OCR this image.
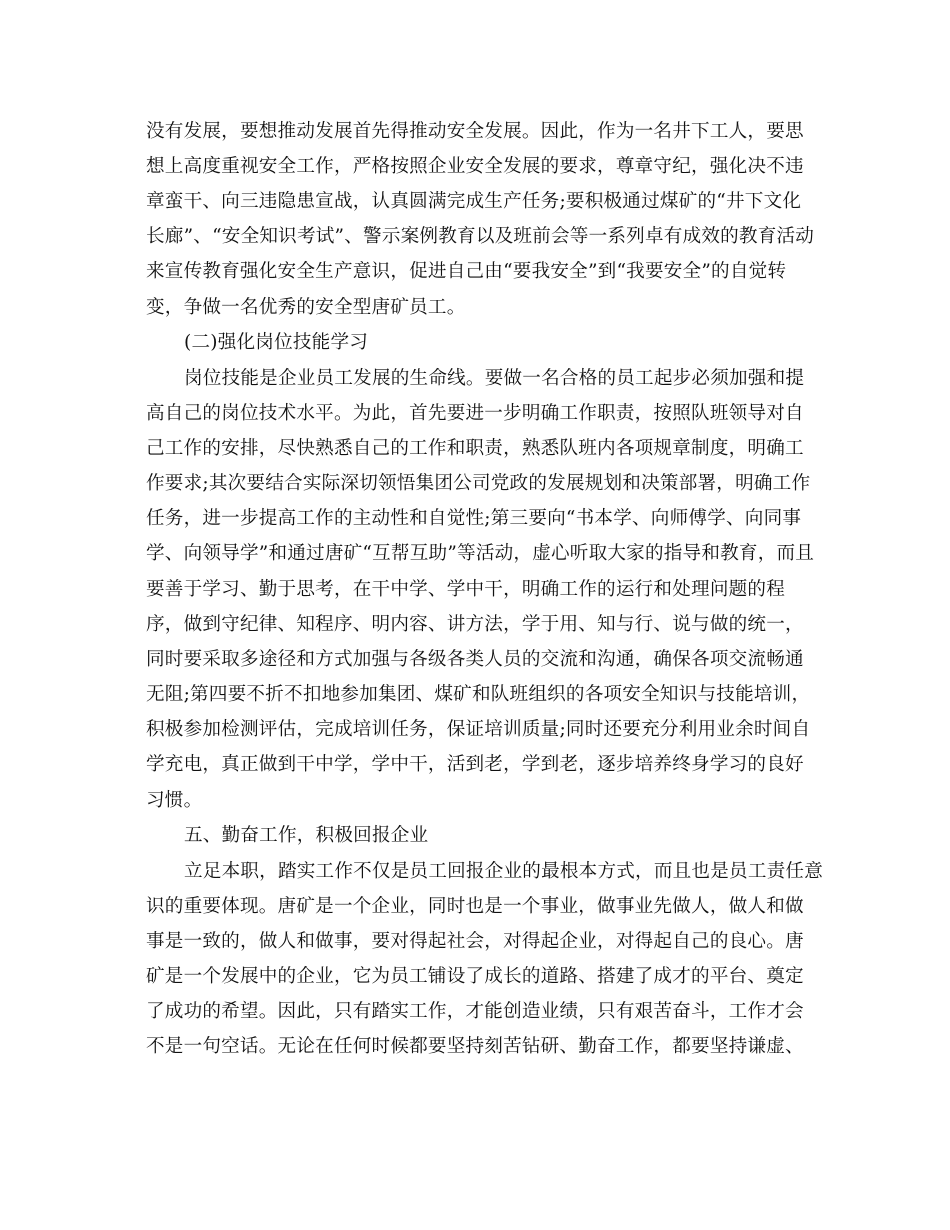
没有发展，要想推动发展首先得推动安全发展。因此，作为一名井下工人，要思
想上高度重视安全工作，严格按照企业安全发展的要求，尊章守纪，强化决不违
章蛮干、向三违隐患宣战，认真圆满完成生产任务;要积极通过煤矿的“井下文化
长廊”、“安全知识考试”、警示案例教育以及班前会等一系列卓有成效的教育活动
来宣传教育强化安全生产意识，促进自己由“要我安全”到“我要安全”的自觉转
变，争做一名优秀的安全型唐矿员工。
(二)强化岗位技能学习
岗位技能是企业员工发展的生命线。要做一名合格的员工起步必须加强和提
高自己的岗位技术水平。为此，首先要进一步明确工作职责，按照队班领导对自
己工作的安排，尽快熟悉自己的工作和职责，熟悉队班内各项规章制度，明确工
作要求;其次要结合实际深切领悟集团公司党政的发展规划和决策部署，明确工作
任务，进一步提高工作的主动性和自觉性;第三要向“书本学、向师傅学、向同事
学、向领导学”和通过唐矿“互帮互助”等活动，虚心听取大家的指导和教育，而且
要善于学习、勤于思考，在干中学、学中干，明确工作的运行和处理问题的程
序，做到守纪律、知程序、明内容、讲方法，学于用、知与行、说与做的统一，
同时要采取多途径和方式加强与各级各类人员的交流和沟通，确保各项交流畅通
无阻;第四要不折不扣地参加集团、煤矿和队班组织的各项安全知识与技能培训，
积极参加检测评估，完成培训任务，保证培训质量;同时还要充分利用业余时间自
学充电，真正做到干中学，学中干，活到老，学到老，逐步培养终身学习的良好
习惯。
五、勤奋工作，积极回报企业
立足本职，踏实工作不仅是员工回报企业的最根本方式，而且也是员工责任意
识的重要体现。唐矿是一个企业，同时也是一个事业，做事业先做人，做人和做
事是一致的，做人和做事，要对得起社会，对得起企业，对得起自己的良心。唐
矿是一个发展中的企业，它为员工铺设了成长的道路、搭建了成才的平台、奠定
了成功的希望。因此，只有踏实工作，才能创造业绩，只有艰苦奋斗，工作才会
不是一句空话。无论在任何时候都要坚持刻苦钻研、勤奋工作，都要坚持谦虚、
